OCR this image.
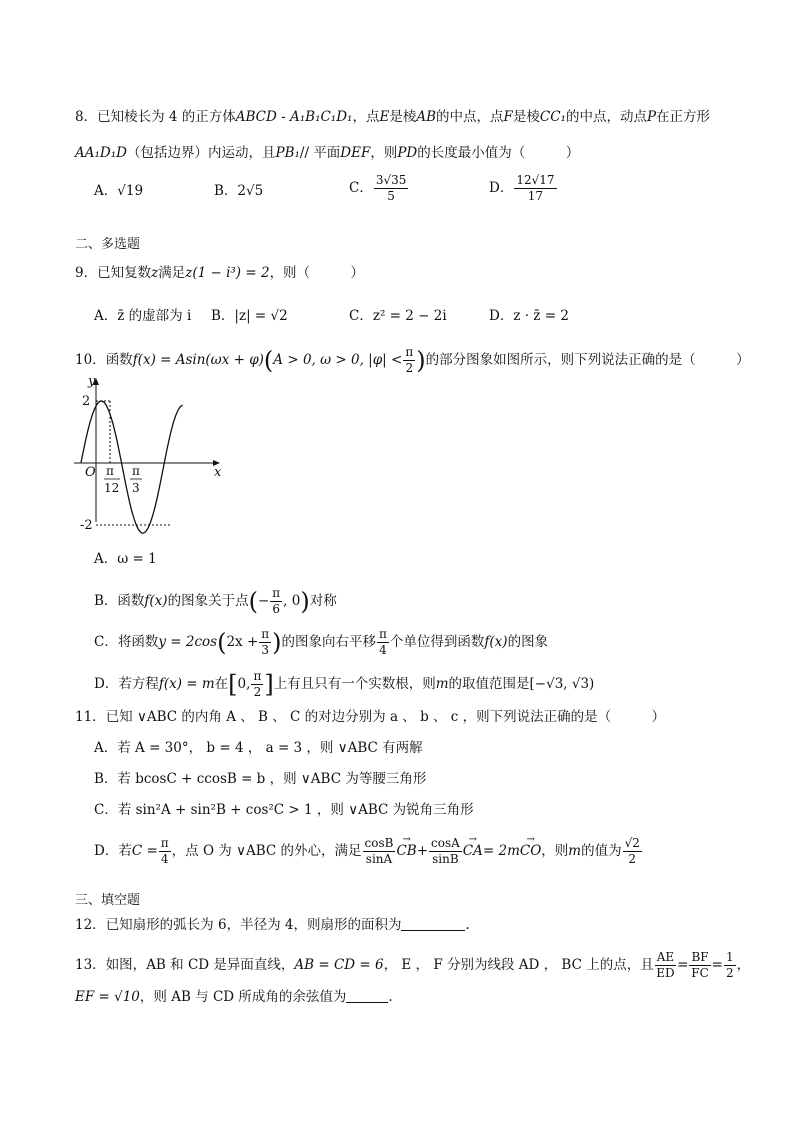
8．已知棱长为 4 的正方体ABCD - A₁B₁C₁D₁，点E是棱AB的中点，点F是棱CC₁的中点，动点P在正方形
AA₁D₁D（包括边界）内运动，且PB₁// 平面DEF，则PD的长度最小值为（　　　）
A．√19	B．2√5	C． $\frac{3√35}{5}$	D． $\frac{12√17}{17}$
二、多选题
9．已知复数z满足z(1 − i³) = 2，则（　　　）
A．z̄ 的虚部为 i B．|z| = √2	C．z² = 2 − 2i	D．z · z̄ = 2
10．函数f(x) = Asin(ωx + φ)(A > 0, ω > 0, $|\varphi| < \frac{\pi}{2}$ )的部分图象如图所示，则下列说法正确的是（　　　）
y
x
O
2
-2
π
12
π
3
A．ω = 1
B．函数f(x)的图象关于点(− $\frac{\pi}{6}$ , 0)对称
C．将函数$y = 2\cos(2x + \frac{\pi}{3}$ )的图象向右平移 $\frac{\pi}{4}$ 个单位得到函数f(x)的图象
D．若方程f(x) = m在[0, $\frac{\pi}{2}$ ]上有且只有一个实数根，则m的取值范围是[−√3, √3)
11．已知 ∨ABC 的内角 A 、 B 、 C 的对边分别为 a 、 b 、 c ，则下列说法正确的是（　　　）
A．若 A = 30°， b = 4 ， a = 3 ，则 ∨ABC 有两解
B．若 bcosC + ccosB = b ，则 ∨ABC 为等腰三角形
C．若 sin²A + sin²B + cos²C > 1 ，则 ∨ABC 为锐角三角形
D．若$C = \frac{\pi}{4}$ ，点 O 为 ∨ABC 的外心，满足 $\frac{\cos B}{\sin A}$
→ $CB+ \frac{\cos A}{\sin B}$
→ CA= 2m→ CO，则m的值为 $\frac{√2}{2}$
三、填空题
12．已知扇形的弧长为 6，半径为 4，则扇形的面积为	.
13．如图，AB 和 CD 是异面直线，AB = CD = 6， E ， F 分别为线段 AD ， BC 上的点，且 $\frac{AE}{ED} = \frac{BF}{FC} = \frac{1}{2}$ ，
EF = √10，则 AB 与 CD 所成角的余弦值为	.
